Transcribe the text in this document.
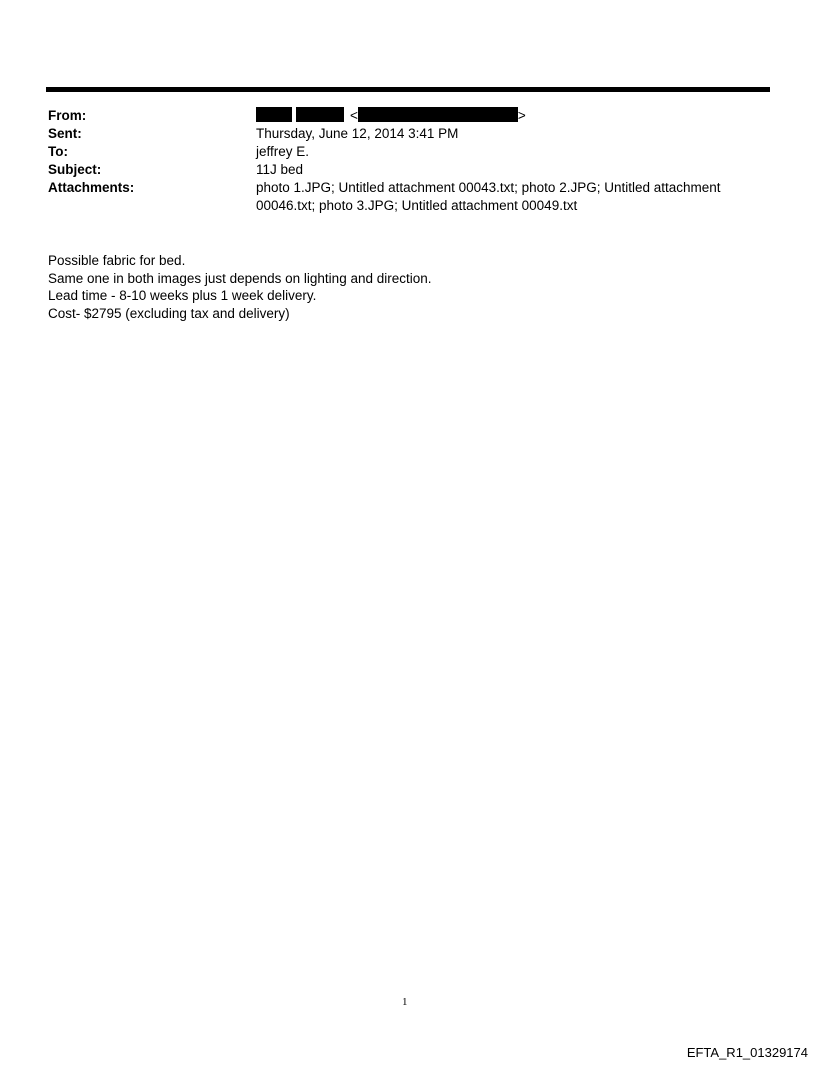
From:	<	>
Sent:	Thursday, June 12, 2014 3:41 PM
To:	jeffrey E.
Subject:	11J bed
Attachments:	photo 1.JPG; Untitled attachment 00043.txt; photo 2.JPG; Untitled attachment 00046.txt; photo 3.JPG; Untitled attachment 00049.txt
Possible fabric for bed.
Same one in both images just depends on lighting and direction.
Lead time - 8-10 weeks plus 1 week delivery.
Cost- $2795 (excluding tax and delivery)
1
EFTA_R1_01329174
